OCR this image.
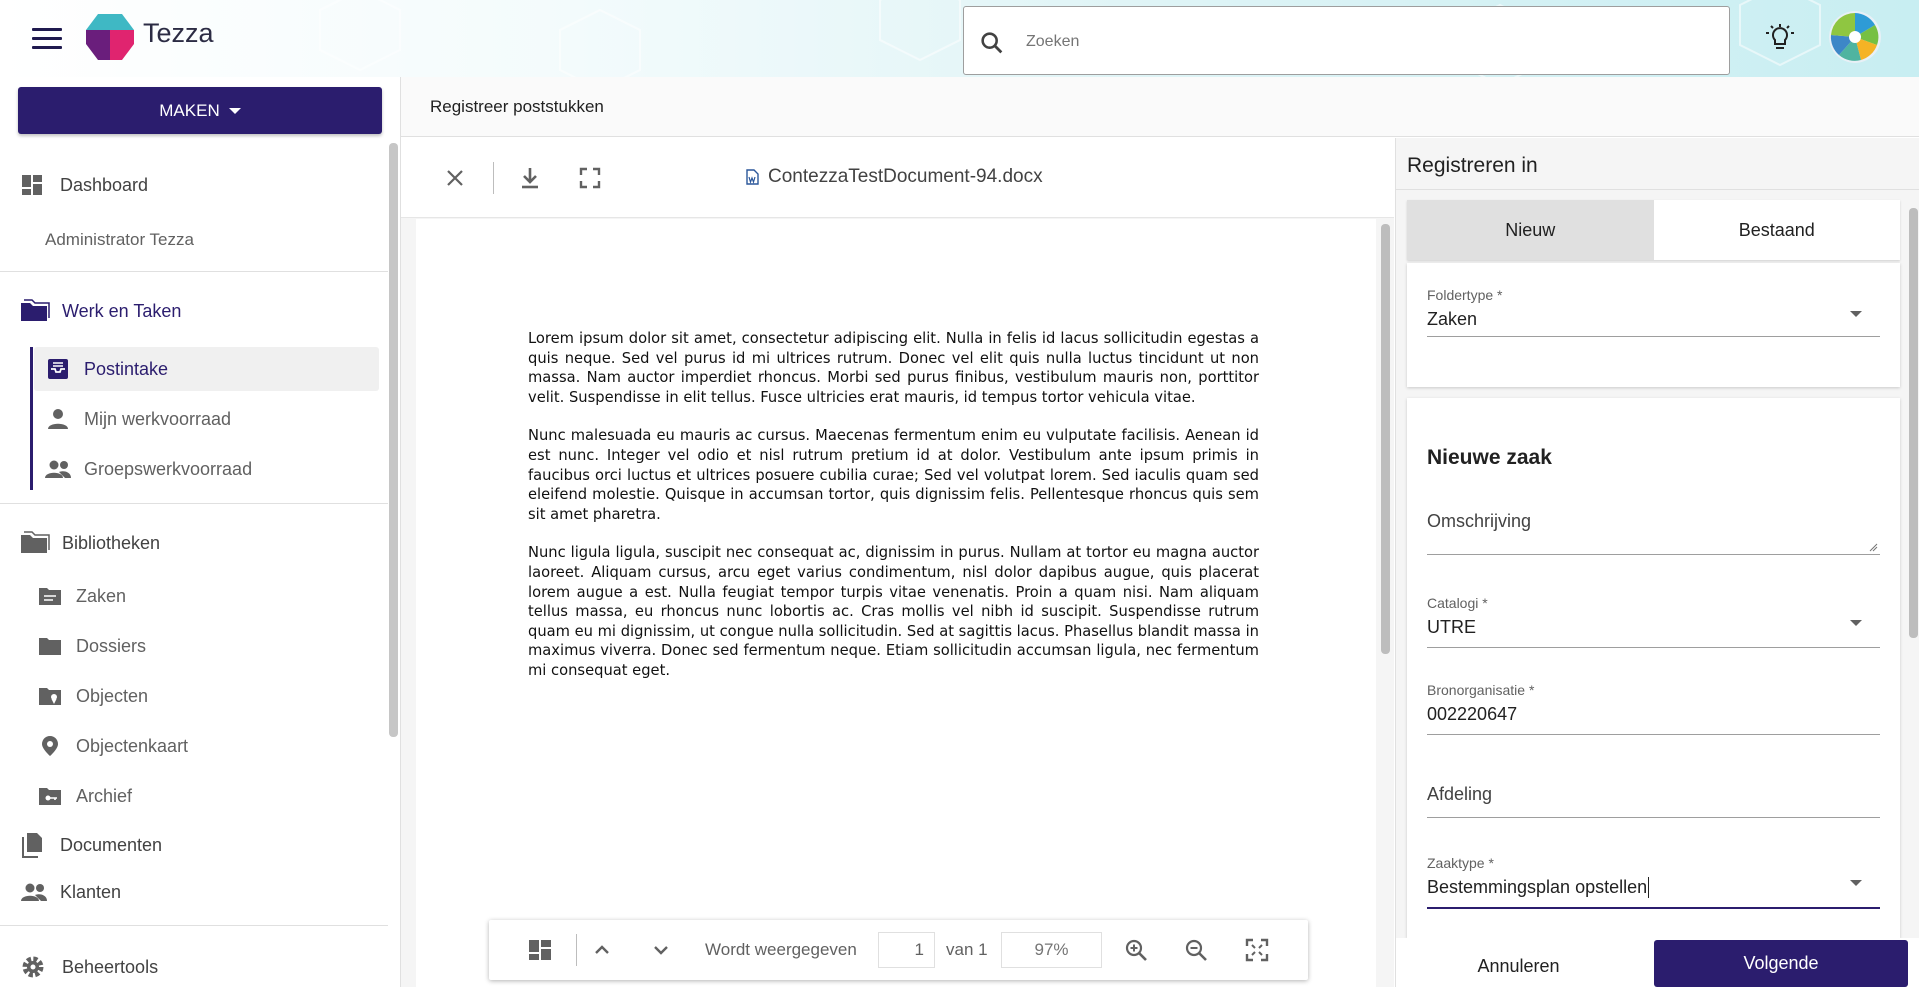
Tezza
Zoeken
MAKEN
Dashboard
Administrator Tezza
Werk en Taken
Postintake
Mijn werkvoorraad
Groepswerkvoorraad
Bibliotheken
Zaken
Dossiers
Objecten
Objectenkaart
Archief
Documenten
Klanten
Beheertools
Registreer poststukken
ContezzaTestDocument-94.docx

Lorem ipsum dolor sit amet, consectetur adipiscing elit. Nulla in felis id lacus sollicitudin egestas a quis neque. Sed vel purus id mi ultrices rutrum. Donec vel elit quis nulla luctus tincidunt ut non massa. Nam auctor imperdiet rhoncus. Morbi sed purus finibus, vestibulum mauris non, porttitor velit. Suspendisse in elit tellus. Fusce ultricies erat mauris, id tempus tortor vehicula vitae.

Nunc malesuada eu mauris ac cursus. Maecenas fermentum enim eu vulputate facilisis. Aenean id est nunc. Integer vel odio et nisl rutrum pretium id at dolor. Vestibulum ante ipsum primis in faucibus orci luctus et ultrices posuere cubilia curae; Sed vel volutpat lorem. Sed iaculis quam sed eleifend molestie. Quisque in accumsan tortor, quis dignissim felis. Pellentesque rhoncus quis sem sit amet pharetra.

Nunc ligula ligula, suscipit nec consequat ac, dignissim in purus. Nullam at tortor eu magna auctor laoreet. Aliquam cursus, arcu eget varius condimentum, nisl dolor dapibus augue, quis placerat lorem augue a est. Nulla feugiat tempor turpis vitae venenatis. Proin a quam nisi. Nam aliquam tellus massa, eu rhoncus nunc lobortis ac. Cras mollis vel nibh id suscipit. Suspendisse rutrum quam eu mi dignissim, ut congue nulla sollicitudin. Sed at sagittis lacus. Phasellus blandit massa in maximus viverra. Donec sed fermentum neque. Etiam sollicitudin accumsan ligula, nec fermentum mi consequat eget.

Wordt weergegeven
1	van 1
97%
Registreren in
Nieuw	Bestaand
Foldertype *
Zaken
Nieuwe zaak
Omschrijving
Catalogi *
UTRE
Bronorganisatie *
002220647
Afdeling
Zaaktype *
Bestemmingsplan opstellen
Annuleren	Volgende
